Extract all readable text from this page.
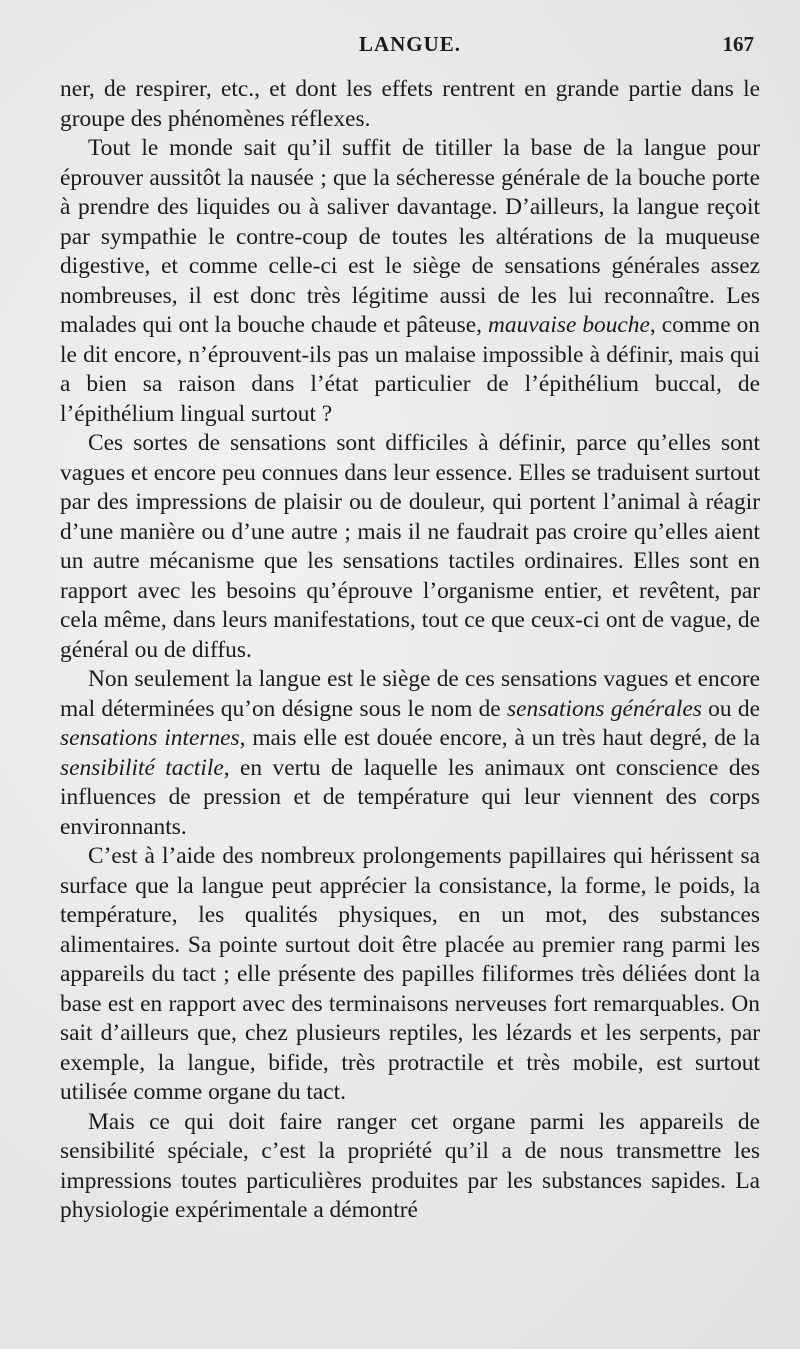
LANGUE.	167

ner, de respirer, etc., et dont les effets rentrent en grande partie dans le groupe des phénomènes réflexes.

Tout le monde sait qu’il suffit de titiller la base de la langue pour éprouver aussitôt la nausée ; que la sécheresse générale de la bouche porte à prendre des liquides ou à saliver davantage. D’ailleurs, la langue reçoit par sympathie le contre-coup de toutes les altérations de la muqueuse digestive, et comme celle-ci est le siège de sensations générales assez nombreuses, il est donc très légitime aussi de les lui reconnaître. Les malades qui ont la bouche chaude et pâteuse, mauvaise bouche, comme on le dit encore, n’éprouvent-ils pas un malaise impossible à définir, mais qui a bien sa raison dans l’état particulier de l’épithélium buccal, de l’épithélium lingual surtout ?

Ces sortes de sensations sont difficiles à définir, parce qu’elles sont vagues et encore peu connues dans leur essence. Elles se traduisent surtout par des impressions de plaisir ou de douleur, qui portent l’animal à réagir d’une manière ou d’une autre ; mais il ne faudrait pas croire qu’elles aient un autre mécanisme que les sensations tactiles ordinaires. Elles sont en rapport avec les besoins qu’éprouve l’organisme entier, et revêtent, par cela même, dans leurs manifestations, tout ce que ceux-ci ont de vague, de général ou de diffus.

Non seulement la langue est le siège de ces sensations vagues et encore mal déterminées qu’on désigne sous le nom de sensations générales ou de sensations internes, mais elle est douée encore, à un très haut degré, de la sensibilité tactile, en vertu de laquelle les animaux ont conscience des influences de pression et de température qui leur viennent des corps environnants.

C’est à l’aide des nombreux prolongements papillaires qui hérissent sa surface que la langue peut apprécier la consistance, la forme, le poids, la température, les qualités physiques, en un mot, des substances alimentaires. Sa pointe surtout doit être placée au premier rang parmi les appareils du tact ; elle présente des papilles filiformes très déliées dont la base est en rapport avec des terminaisons nerveuses fort remarquables. On sait d’ailleurs que, chez plusieurs reptiles, les lézards et les serpents, par exemple, la langue, bifide, très protractile et très mobile, est surtout utilisée comme organe du tact.

Mais ce qui doit faire ranger cet organe parmi les appareils de sensibilité spéciale, c’est la propriété qu’il a de nous transmettre les impressions toutes particulières produites par les substances sapides. La physiologie expérimentale a démontré
